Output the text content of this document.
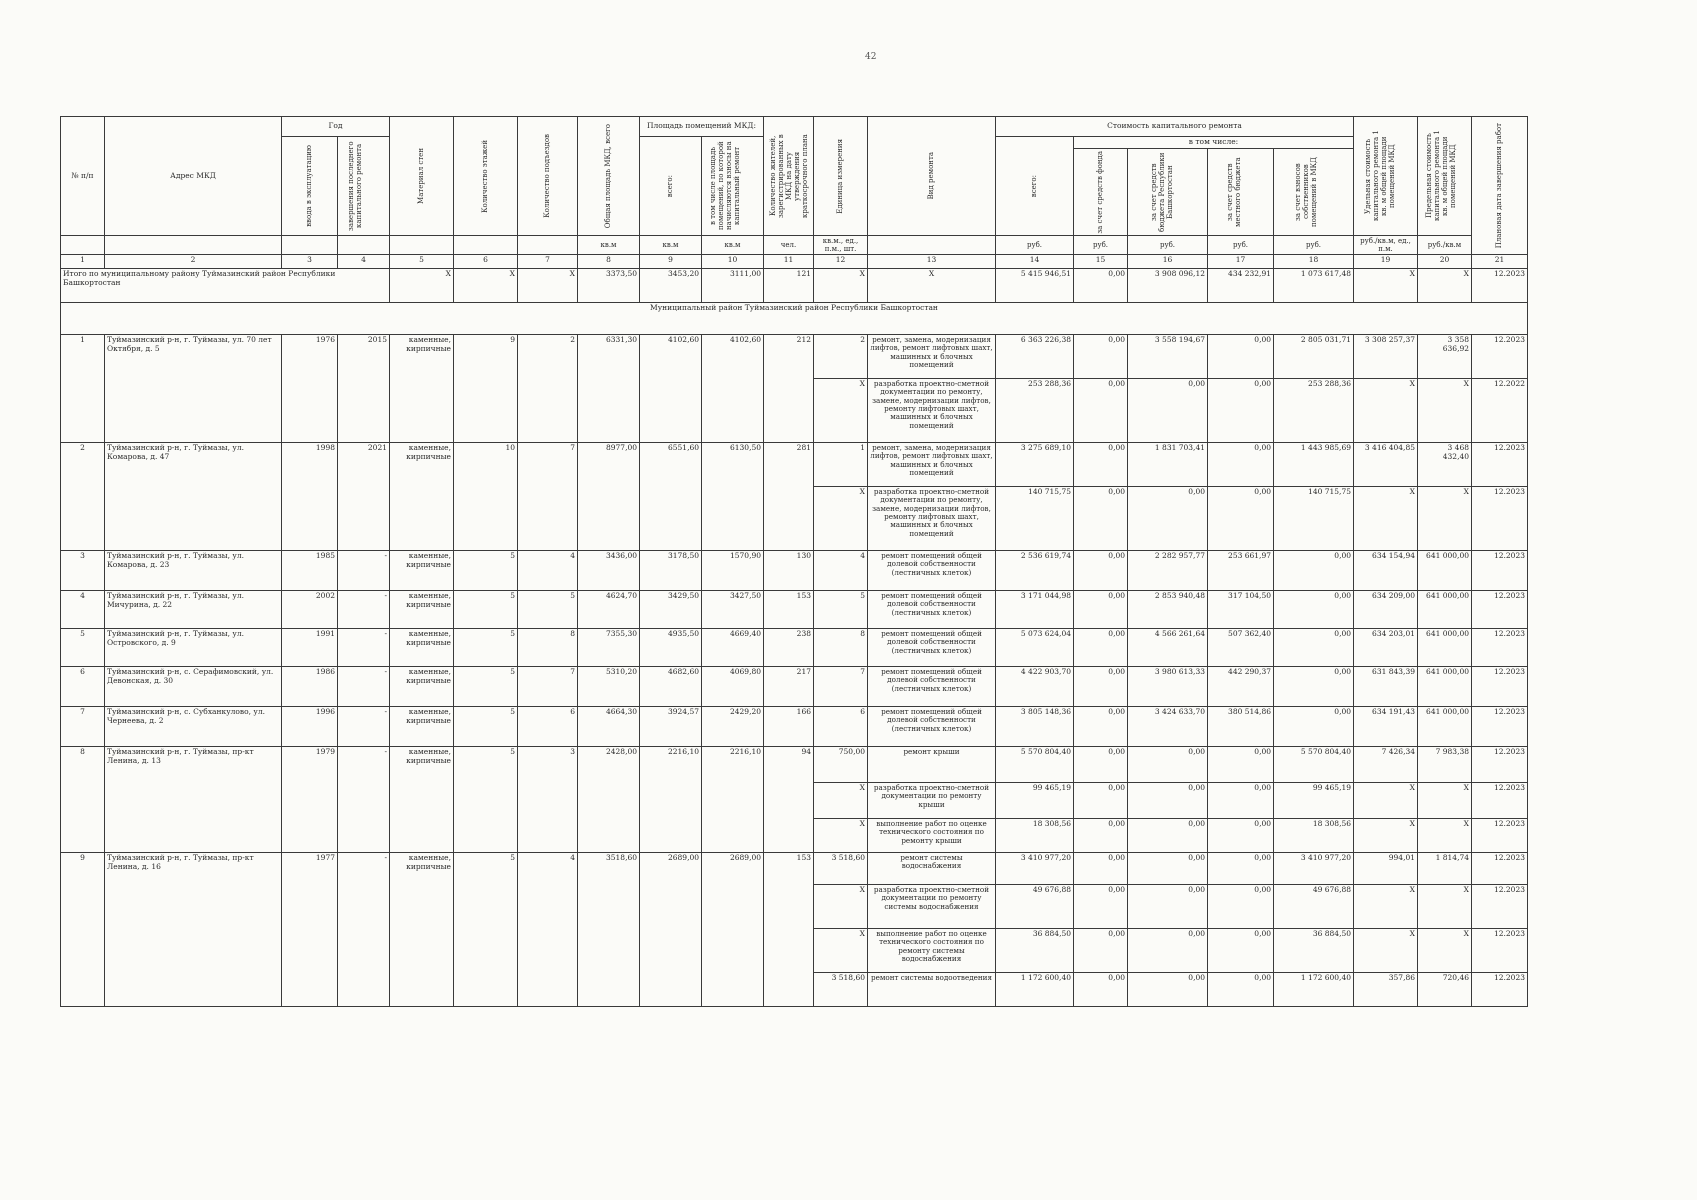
42
№ п/п	Адрес МКД	Год		Материал стен	Количество этажей	Количество подъездов	Общая площадь МКД, всего	Площадь помещений МКД:		Количество жителей, зарегистрированных в МКД на дату утверждения краткосрочного плана	Единица измерения	Вид ремонта	Стоимость капитального ремонта					Удельная стоимость капитального ремонта 1 кв. м общей площади помещений МКД	Предельная стоимость капитального ремонта 1 кв. м общей площади помещений МКД	Плановая дата завершения работ

		ввода в эксплуатацию	завершения последнего капитального ремонта					всего:	в том числе площадь помещений, по которой начисляются взносы на капитальный ремонт				всего:	в том числе:						

														за счет средств фонда	за счет средств бюджета Республики Башкортостан	за счет средств местного бюджета	за счет взносов собственников помещений в МКД			

							кв.м	кв.м	кв.м	чел.	кв.м., ед., п.м., шт.		руб.	руб.	руб.	руб.	руб.	руб./кв.м, ед., п.м.	руб./кв.м	
1	2	3	4	5	6	7	8	9	10	11	12	13	14	15	16	17	18	19	20	21
Итого по муниципальному району Туймазинский район Республики Башкортостан				X	X	X	3373,50	3453,20	3111,00	121	X	X	5 415 946,51	0,00	3 908 096,12	434 232,91	1 073 617,48	X	X	12.2023
Муниципальный район Туймазинский район Республики Башкортостан																				
1	Туймазинский р-н, г. Туймазы, ул. 70 лет Октября, д. 5	1976	2015	каменные, кирпичные	9	2	6331,30	4102,60	4102,60	212	2	ремонт, замена, модернизация лифтов, ремонт лифтовых шахт, машинных и блочных помещений	6 363 226,38	0,00	3 558 194,67	0,00	2 805 031,71	3 308 257,37	3 358 636,92	12.2023
											X	разработка проектно-сметной документации по ремонту, замене, модернизации лифтов, ремонту лифтовых шахт, машинных и блочных помещений	253 288,36	0,00	0,00	0,00	253 288,36	X	X	12.2022
2	Туймазинский р-н, г. Туймазы, ул. Комарова, д. 47	1998	2021	каменные, кирпичные	10	7	8977,00	6551,60	6130,50	281	1	ремонт, замена, модернизация лифтов, ремонт лифтовых шахт, машинных и блочных помещений	3 275 689,10	0,00	1 831 703,41	0,00	1 443 985,69	3 416 404,85	3 468 432,40	12.2023
											X	разработка проектно-сметной документации по ремонту, замене, модернизации лифтов, ремонту лифтовых шахт, машинных и блочных помещений	140 715,75	0,00	0,00	0,00	140 715,75	X	X	12.2023
3	Туймазинский р-н, г. Туймазы, ул. Комарова, д. 23	1985	-	каменные, кирпичные	5	4	3436,00	3178,50	1570,90	130	4	ремонт помещений общей долевой собственности (лестничных клеток)	2 536 619,74	0,00	2 282 957,77	253 661,97	0,00	634 154,94	641 000,00	12.2023
4	Туймазинский р-н, г. Туймазы, ул. Мичурина, д. 22	2002	-	каменные, кирпичные	5	5	4624,70	3429,50	3427,50	153	5	ремонт помещений общей долевой собственности (лестничных клеток)	3 171 044,98	0,00	2 853 940,48	317 104,50	0,00	634 209,00	641 000,00	12.2023
5	Туймазинский р-н, г. Туймазы, ул. Островского, д. 9	1991	-	каменные, кирпичные	5	8	7355,30	4935,50	4669,40	238	8	ремонт помещений общей долевой собственности (лестничных клеток)	5 073 624,04	0,00	4 566 261,64	507 362,40	0,00	634 203,01	641 000,00	12.2023
6	Туймазинский р-н, с. Серафимовский, ул. Девонская, д. 30	1986	-	каменные, кирпичные	5	7	5310,20	4682,60	4069,80	217	7	ремонт помещений общей долевой собственности (лестничных клеток)	4 422 903,70	0,00	3 980 613,33	442 290,37	0,00	631 843,39	641 000,00	12.2023
7	Туймазинский р-н, с. Субханкулово, ул. Чернеева, д. 2	1996	-	каменные, кирпичные	5	6	4664,30	3924,57	2429,20	166	6	ремонт помещений общей долевой собственности (лестничных клеток)	3 805 148,36	0,00	3 424 633,70	380 514,86	0,00	634 191,43	641 000,00	12.2023
8	Туймазинский р-н, г. Туймазы, пр-кт Ленина, д. 13	1979	-	каменные, кирпичные	5	3	2428,00	2216,10	2216,10	94	750,00	ремонт крыши	5 570 804,40	0,00	0,00	0,00	5 570 804,40	7 426,34	7 983,38	12.2023
											X	разработка проектно-сметной документации по ремонту крыши	99 465,19	0,00	0,00	0,00	99 465,19	X	X	12.2023
											X	выполнение работ по оценке технического состояния по ремонту крыши	18 308,56	0,00	0,00	0,00	18 308,56	X	X	12.2023
9	Туймазинский р-н, г. Туймазы, пр-кт Ленина, д. 16	1977	-	каменные, кирпичные	5	4	3518,60	2689,00	2689,00	153	3 518,60	ремонт системы водоснабжения	3 410 977,20	0,00	0,00	0,00	3 410 977,20	994,01	1 814,74	12.2023
											X	разработка проектно-сметной документации по ремонту системы водоснабжения	49 676,88	0,00	0,00	0,00	49 676,88	X	X	12.2023
											X	выполнение работ по оценке технического состояния по ремонту системы водоснабжения	36 884,50	0,00	0,00	0,00	36 884,50	X	X	12.2023
											3 518,60	ремонт системы водоотведения	1 172 600,40	0,00	0,00	0,00	1 172 600,40	357,86	720,46	12.2023
